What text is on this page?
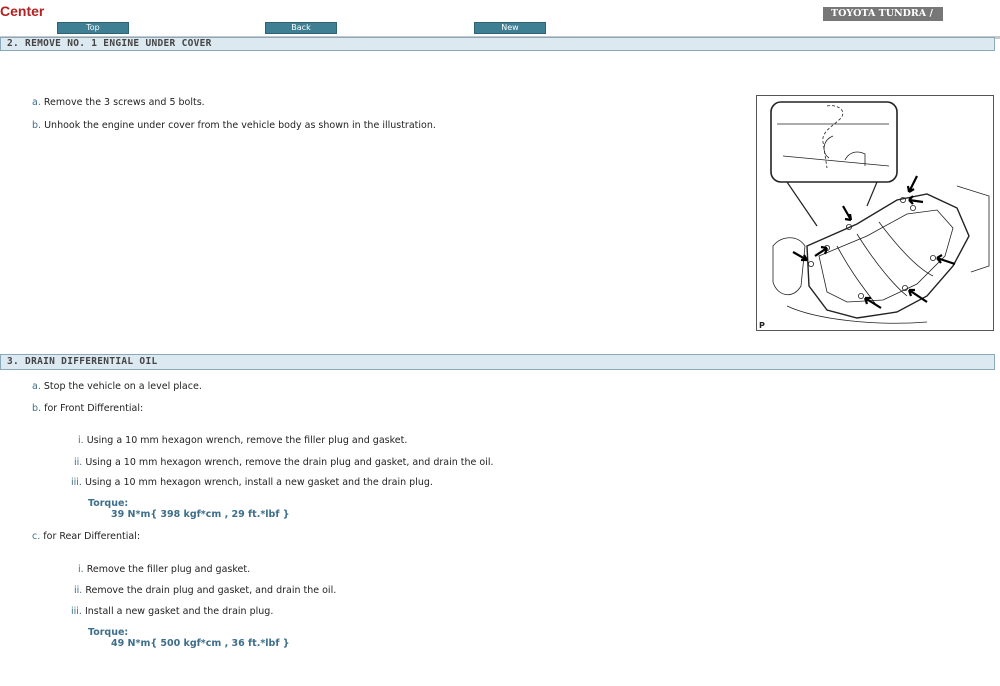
Center
Top	Back	New
TOYOTA TUNDRA /
2. REMOVE NO. 1 ENGINE UNDER COVER
a. Remove the 3 screws and 5 bolts.
b. Unhook the engine under cover from the vehicle body as shown in the illustration.
P
3. DRAIN DIFFERENTIAL OIL
a. Stop the vehicle on a level place.
b. for Front Differential:
i. Using a 10 mm hexagon wrench, remove the filler plug and gasket.
ii. Using a 10 mm hexagon wrench, remove the drain plug and gasket, and drain the oil.
iii. Using a 10 mm hexagon wrench, install a new gasket and the drain plug.
Torque:
39 N*m{ 398 kgf*cm , 29 ft.*lbf }
c. for Rear Differential:
i. Remove the filler plug and gasket.
ii. Remove the drain plug and gasket, and drain the oil.
iii. Install a new gasket and the drain plug.
Torque:
49 N*m{ 500 kgf*cm , 36 ft.*lbf }
